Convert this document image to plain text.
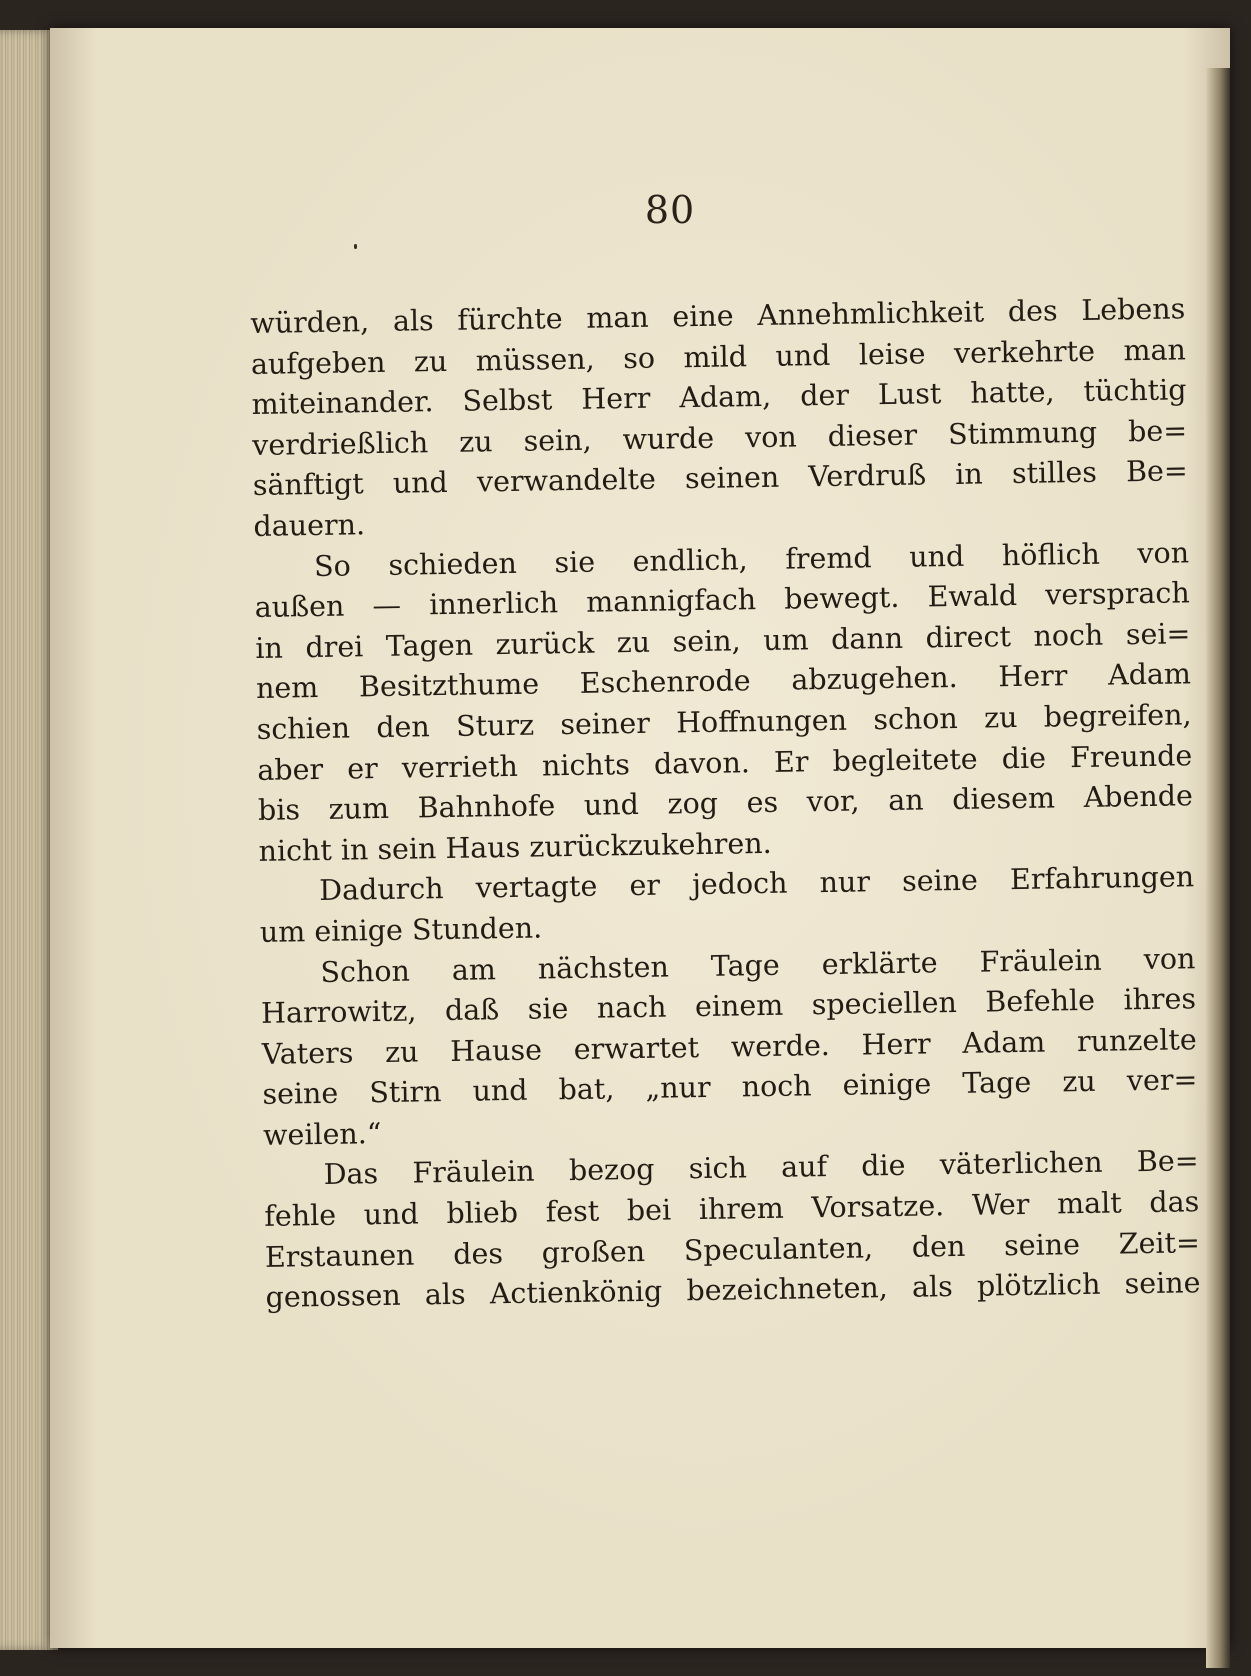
80

würden, als fürchte man eine Annehmlichkeit des Lebens
aufgeben zu müssen, so mild und leise verkehrte man
miteinander. Selbst Herr Adam, der Lust hatte, tüchtig
verdrießlich zu sein, wurde von dieser Stimmung be=
sänftigt und verwandelte seinen Verdruß in stilles Be=
dauern.
So schieden sie endlich, fremd und höflich von
außen — innerlich mannigfach bewegt. Ewald versprach
in drei Tagen zurück zu sein, um dann direct noch sei=
nem Besitzthume Eschenrode abzugehen. Herr Adam
schien den Sturz seiner Hoffnungen schon zu begreifen,
aber er verrieth nichts davon. Er begleitete die Freunde
bis zum Bahnhofe und zog es vor, an diesem Abende
nicht in sein Haus zurückzukehren.
Dadurch vertagte er jedoch nur seine Erfahrungen
um einige Stunden.
Schon am nächsten Tage erklärte Fräulein von
Harrowitz, daß sie nach einem speciellen Befehle ihres
Vaters zu Hause erwartet werde. Herr Adam runzelte
seine Stirn und bat, „nur noch einige Tage zu ver=
weilen.“
Das Fräulein bezog sich auf die väterlichen Be=
fehle und blieb fest bei ihrem Vorsatze. Wer malt das
Erstaunen des großen Speculanten, den seine Zeit=
genossen als Actienkönig bezeichneten, als plötzlich seine
